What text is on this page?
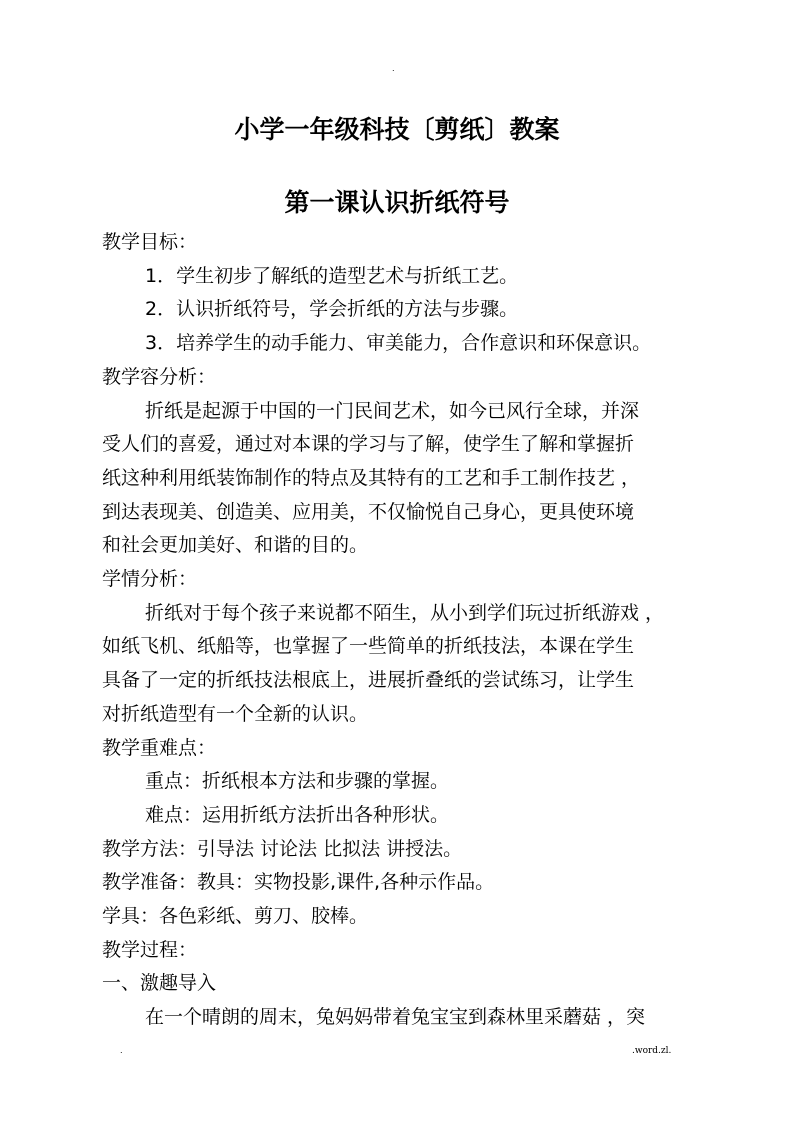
.
小学一年级科技〔剪纸〕教案
第一课认识折纸符号
教学目标：
1．学生初步了解纸的造型艺术与折纸工艺。
2．认识折纸符号，学会折纸的方法与步骤。
3．培养学生的动手能力、审美能力，合作意识和环保意识。
教学容分析：
折纸是起源于中国的一门民间艺术，如今已风行全球，并深
受人们的喜爱，通过对本课的学习与了解，使学生了解和掌握折
纸这种利用纸装饰制作的特点及其特有的工艺和手工制作技艺 ，
到达表现美、创造美、应用美，不仅愉悦自己身心，更具使环境
和社会更加美好、和谐的目的。
学情分析：
折纸对于每个孩子来说都不陌生，从小到学们玩过折纸游戏 ，
如纸飞机、纸船等，也掌握了一些简单的折纸技法，本课在学生
具备了一定的折纸技法根底上，进展折叠纸的尝试练习，让学生
对折纸造型有一个全新的认识。
教学重难点：
重点：折纸根本方法和步骤的掌握。
难点：运用折纸方法折出各种形状。
教学方法：引导法 讨论法 比拟法 讲授法。
教学准备：教具：实物投影,课件,各种示作品。
学具：各色彩纸、剪刀、胶棒。
教学过程：
一、激趣导入
在一个晴朗的周末，兔妈妈带着兔宝宝到森林里采蘑菇 ，突
.	.word.zl.
